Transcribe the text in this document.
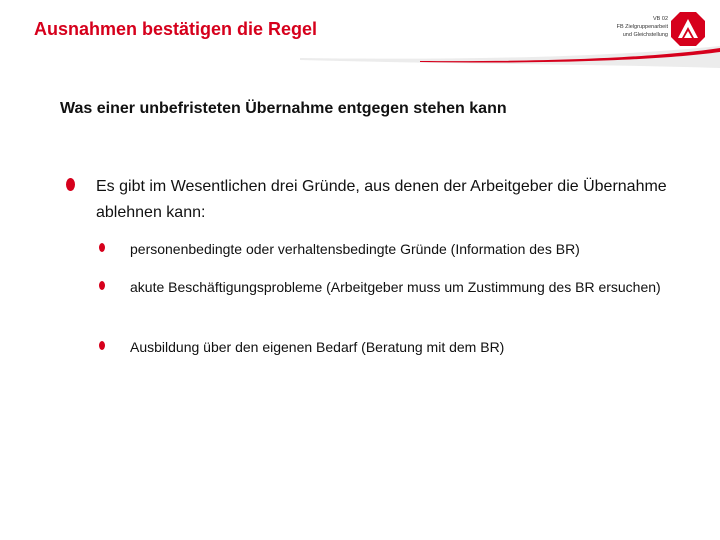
Ausnahmen bestätigen die Regel	VB 02
FB Zielgruppenarbeit
und Gleichstellung
Was einer unbefristeten Übernahme entgegen stehen kann
Es gibt im Wesentlichen drei Gründe, aus denen der Arbeitgeber die Übernahme ablehnen kann:
personenbedingte oder verhaltensbedingte Gründe (Information des BR)
akute Beschäftigungsprobleme (Arbeitgeber muss um Zustimmung des BR ersuchen)
Ausbildung über den eigenen Bedarf (Beratung mit dem BR)
